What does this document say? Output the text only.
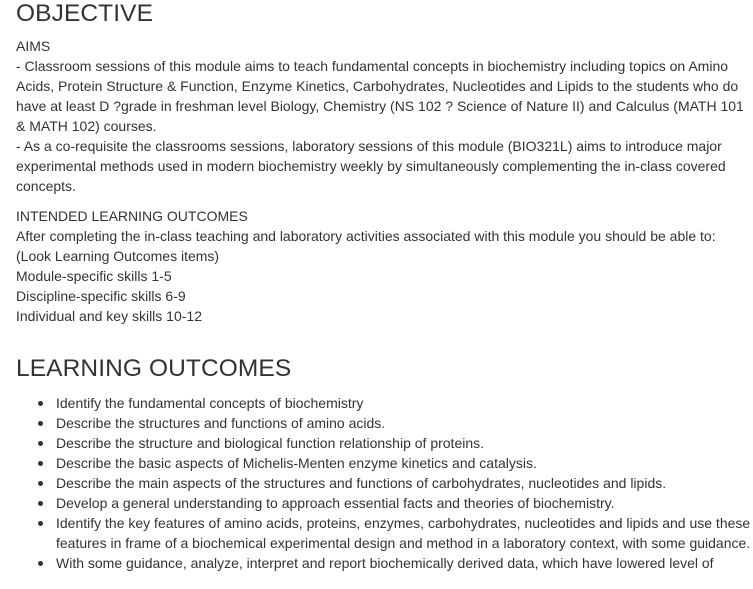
OBJECTIVE

AIMS

- Classroom sessions of this module aims to teach fundamental concepts in biochemistry including topics on Amino Acids, Protein Structure & Function, Enzyme Kinetics, Carbohydrates, Nucleotides and Lipids to the students who do have at least D ?grade in freshman level Biology, Chemistry (NS 102 ? Science of Nature II) and Calculus (MATH 101 & MATH 102) courses.

- As a co-requisite the classrooms sessions, laboratory sessions of this module (BIO321L) aims to introduce major experimental methods used in modern biochemistry weekly by simultaneously complementing the in-class covered concepts.

INTENDED LEARNING OUTCOMES

After completing the in-class teaching and laboratory activities associated with this module you should be able to:

(Look Learning Outcomes items)

Module-specific skills 1-5

Discipline-specific skills 6-9

Individual and key skills 10-12

LEARNING OUTCOMES
Identify the fundamental concepts of biochemistry
Describe the structures and functions of amino acids.
Describe the structure and biological function relationship of proteins.
Describe the basic aspects of Michelis-Menten enzyme kinetics and catalysis.
Describe the main aspects of the structures and functions of carbohydrates, nucleotides and lipids.
Develop a general understanding to approach essential facts and theories of biochemistry.
Identify the key features of amino acids, proteins, enzymes, carbohydrates, nucleotides and lipids and use these features in frame of a biochemical experimental design and method in a laboratory context, with some guidance.
With some guidance, analyze, interpret and report biochemically derived data, which have lowered level of
